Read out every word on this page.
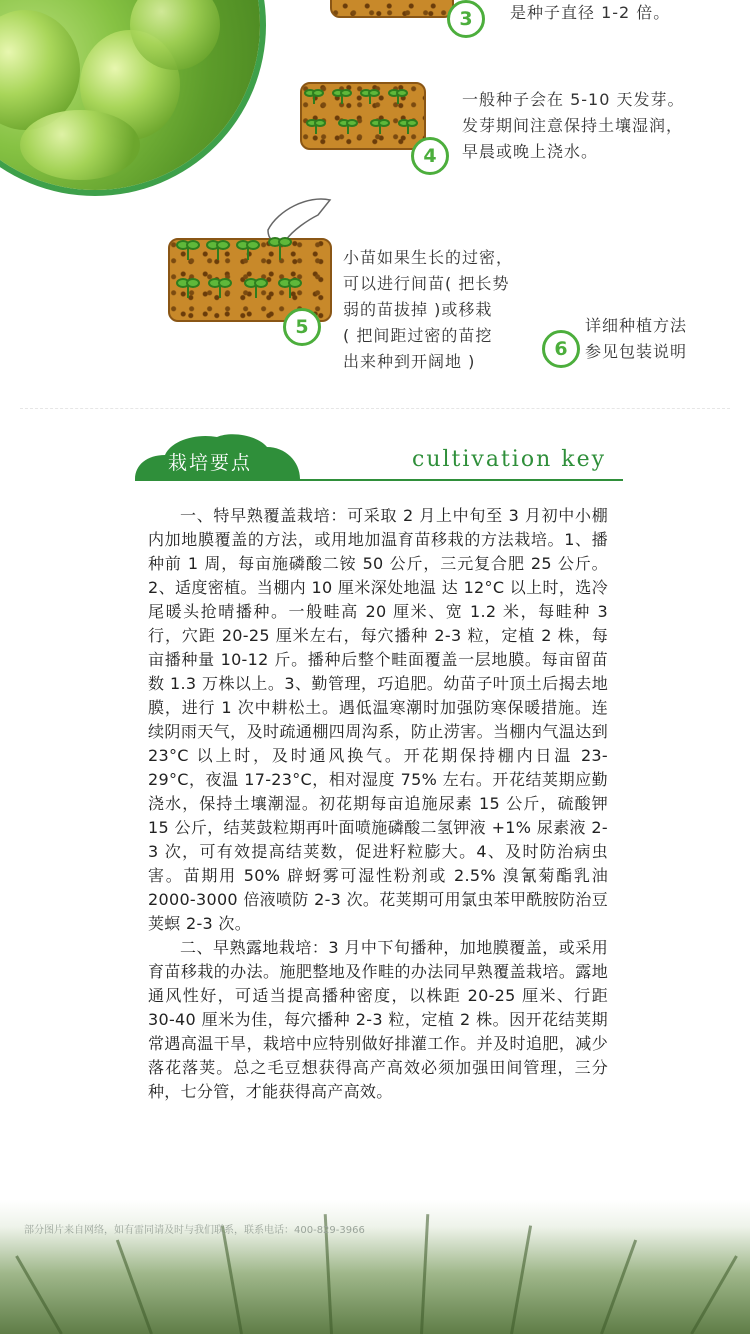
3	是种子直径 1-2 倍。
4
一般种子会在 5-10 天发芽。
发芽期间注意保持土壤湿润，
早晨或晚上浇水。
5
小苗如果生长的过密，
可以进行间苗( 把长势
弱的苗拔掉 )或移栽
( 把间距过密的苗挖
出来种到开阔地 )
6
详细种植方法
参见包装说明
栽培要点	cultivation key

一、特早熟覆盖栽培：可采取 2 月上中旬至 3 月初中小棚内加地膜覆盖的方法，或用地加温育苗移栽的方法栽培。1、播种前 1 周，每亩施磷酸二铵 50 公斤，三元复合肥 25 公斤。2、适度密植。当棚内 10 厘米深处地温 达 12°C 以上时，选冷尾暖头抢晴播种。一般畦高 20 厘米、宽 1.2 米，每畦种 3 行，穴距 20-25 厘米左右，每穴播种 2-3 粒，定植 2 株，每亩播种量 10-12 斤。播种后整个畦面覆盖一层地膜。每亩留苗数 1.3 万株以上。3、勤管理，巧追肥。幼苗子叶顶土后揭去地膜，进行 1 次中耕松土。遇低温寒潮时加强防寒保暖措施。连续阴雨天气，及时疏通棚四周沟系，防止涝害。当棚内气温达到 23°C 以上时，及时通风换气。开花期保持棚内日温 23-29°C，夜温 17-23°C，相对湿度 75% 左右。开花结荚期应勤浇水，保持土壤潮湿。初花期每亩追施尿素 15 公斤，硫酸钾 15 公斤，结荚鼓粒期再叶面喷施磷酸二氢钾液 +1% 尿素液 2-3 次，可有效提高结荚数，促进籽粒膨大。4、及时防治病虫害。苗期用 50% 辟蚜雾可湿性粉剂或 2.5% 溴氰菊酯乳油 2000-3000 倍液喷防 2-3 次。花荚期可用氯虫苯甲酰胺防治豆荚螟 2-3 次。

二、早熟露地栽培：3 月中下旬播种，加地膜覆盖，或采用育苗移栽的办法。施肥整地及作畦的办法同早熟覆盖栽培。露地通风性好，可适当提高播种密度，以株距 20-25 厘米、行距 30-40 厘米为佳，每穴播种 2-3 粒，定植 2 株。因开花结荚期常遇高温干旱，栽培中应特别做好排灌工作。并及时追肥，减少落花落荚。总之毛豆想获得高产高效必须加强田间管理，三分种，七分管，才能获得高产高效。

部分图片来自网络，如有雷同请及时与我们联系，联系电话：400-829-3966
